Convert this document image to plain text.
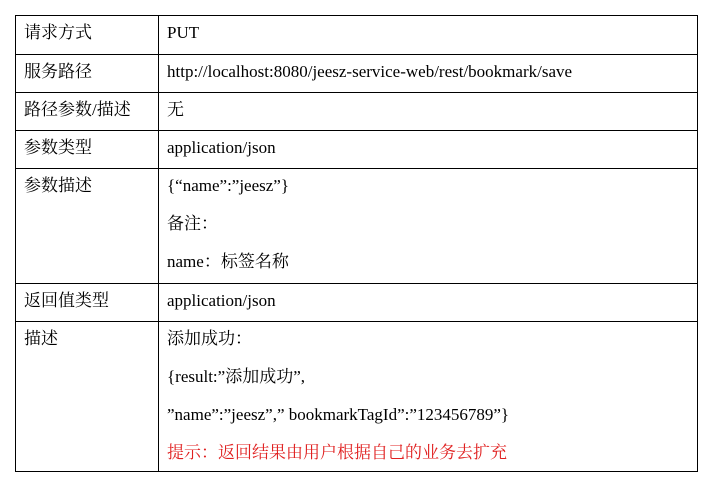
请求方式	PUT

服务路径	http://localhost:8080/jeesz-service-web/rest/bookmark/save

路径参数/描述	无

参数类型	application/json

参数描述	{“name”:”jeesz”}
备注：
name：标签名称

返回值类型	application/json

描述	添加成功：
{result:”添加成功”,
”name”:”jeesz”,” bookmarkTagId”:”123456789”}
提示：返回结果由用户根据自己的业务去扩充
